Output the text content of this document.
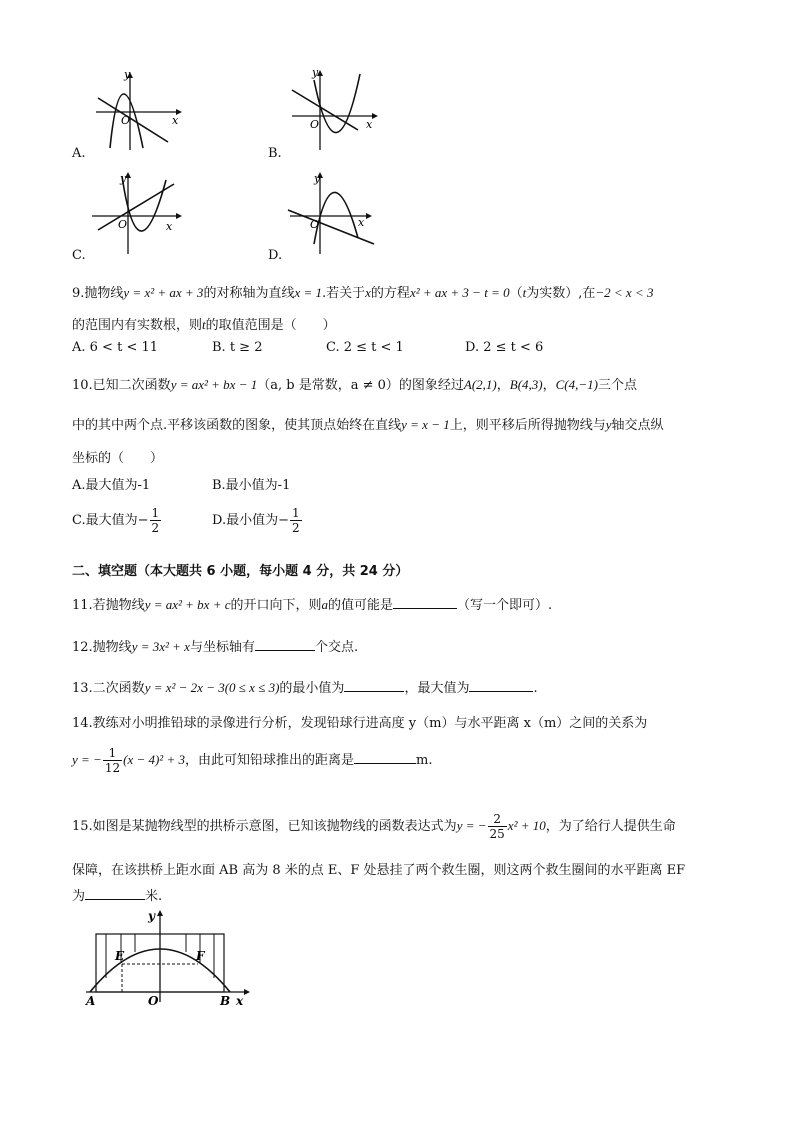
y
x
O
A.
y
x
O
B.
y
x
O
C.
y
x
O
D.
9.抛物线y = x² + ax + 3的对称轴为直线x = 1.若关于x的方程x² + ax + 3 − t = 0（t为实数）,在−2 < x < 3
的范围内有实数根，则t的取值范围是（　　）
A. 6 < t < 11	B. t ≥ 2	C. 2 ≤ t < 1	D. 2 ≤ t < 6
10.已知二次函数y = ax² + bx − 1（a, b 是常数，a ≠ 0）的图象经过A(2,1)，B(4,3)，C(4,−1)三个点
中的其中两个点.平移该函数的图象，使其顶点始终在直线y = x − 1上，则平移后所得抛物线与y轴交点纵
坐标的（　　）
A.最大值为-1	B.最小值为-1
C.最大值为− $\frac{1}{2}$	D.最小值为− $\frac{1}{2}$
二、填空题（本大题共 6 小题，每小题 4 分，共 24 分）
11.若抛物线y = ax² + bx + c的开口向下，则a的值可能是	（写一个即可）.
12.抛物线y = 3x² + x与坐标轴有	个交点.
13.二次函数y = x² − 2x − 3(0 ≤ x ≤ 3)的最小值为	，最大值为	.
14.教练对小明推铅球的录像进行分析，发现铅球行进高度 y（m）与水平距离 x（m）之间的关系为
y = − $\frac{1}{12} (x - 4)^2 + 3$，由此可知铅球推出的距离是	m.
15.如图是某抛物线型的拱桥示意图，已知该抛物线的函数表达式为y = − $\frac{2}{25} x^2 + 10$，为了给行人提供生命
保障，在该拱桥上距水面 AB 高为 8 米的点 E、F 处悬挂了两个救生圈，则这两个救生圈间的水平距离 EF
为	米.
y
E	F
A	O	B x
